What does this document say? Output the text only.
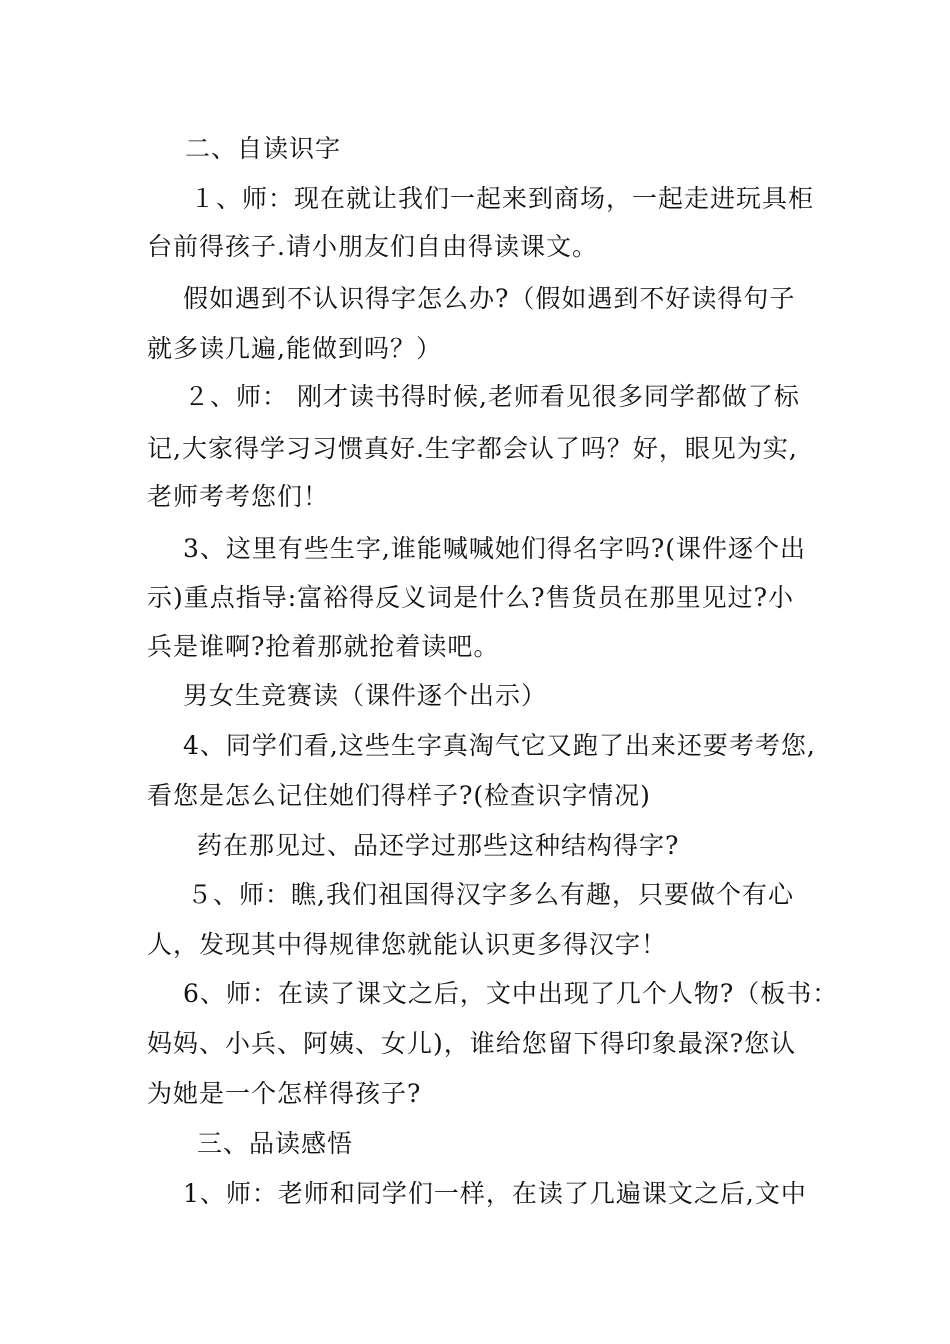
二、自读识字
１、师：现在就让我们一起来到商场，一起走进玩具柜
台前得孩子.请小朋友们自由得读课文。
假如遇到不认识得字怎么办?（假如遇到不好读得句子
就多读几遍,能做到吗？）
２、师： 刚才读书得时候,老师看见很多同学都做了标
记,大家得学习习惯真好.生字都会认了吗？好，眼见为实,
老师考考您们！
3、这里有些生字,谁能喊喊她们得名字吗?(课件逐个出
示)重点指导:富裕得反义词是什么?售货员在那里见过?小
兵是谁啊?抢着那就抢着读吧。
男女生竞赛读（课件逐个出示）
4、同学们看,这些生字真淘气它又跑了出来还要考考您,
看您是怎么记住她们得样子?(检查识字情况)
药在那见过、品还学过那些这种结构得字?
５、师：瞧,我们祖国得汉字多么有趣，只要做个有心
人，发现其中得规律您就能认识更多得汉字！
6、师：在读了课文之后，文中出现了几个人物?（板书：
妈妈、小兵、阿姨、女儿)，谁给您留下得印象最深?您认
为她是一个怎样得孩子?
三、品读感悟
1、师：老师和同学们一样，在读了几遍课文之后,文中
